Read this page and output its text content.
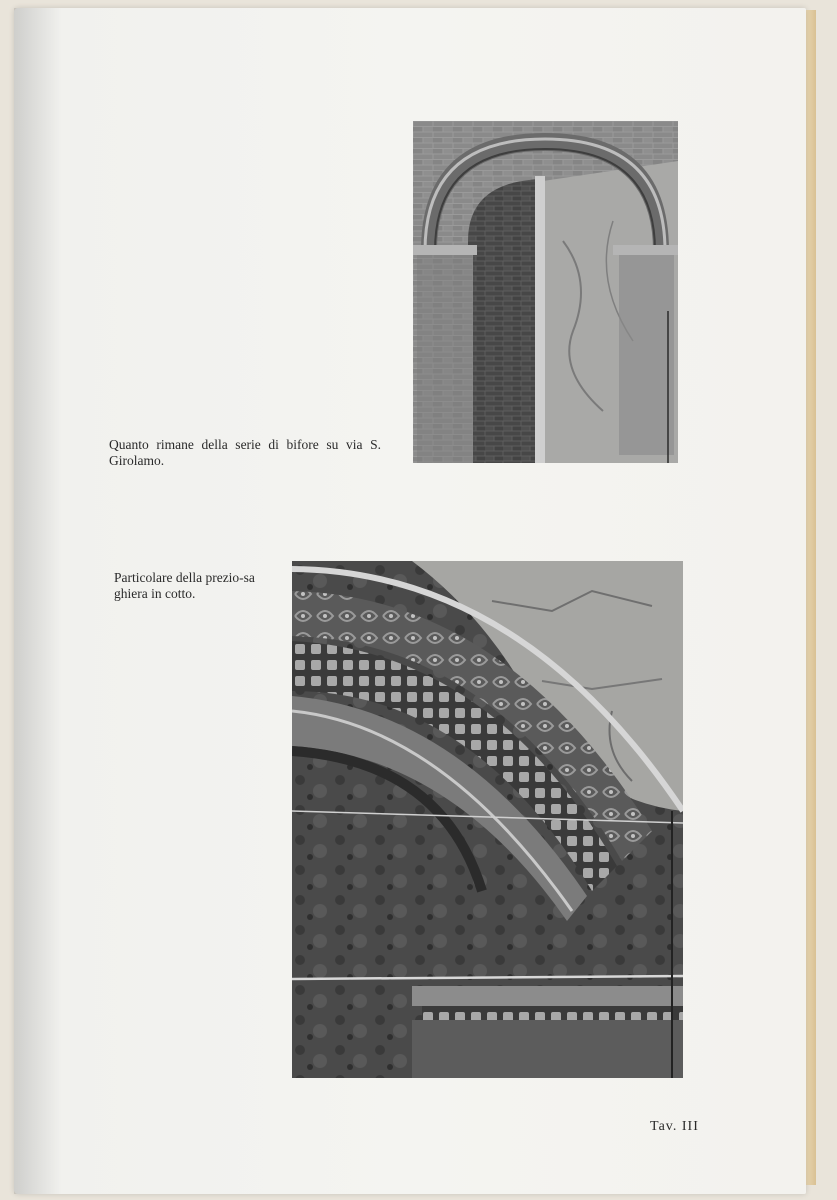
Quanto rimane della serie di bifore su via S. Girolamo.

Particolare della prezio-sa ghiera in cotto.

Tav. III
